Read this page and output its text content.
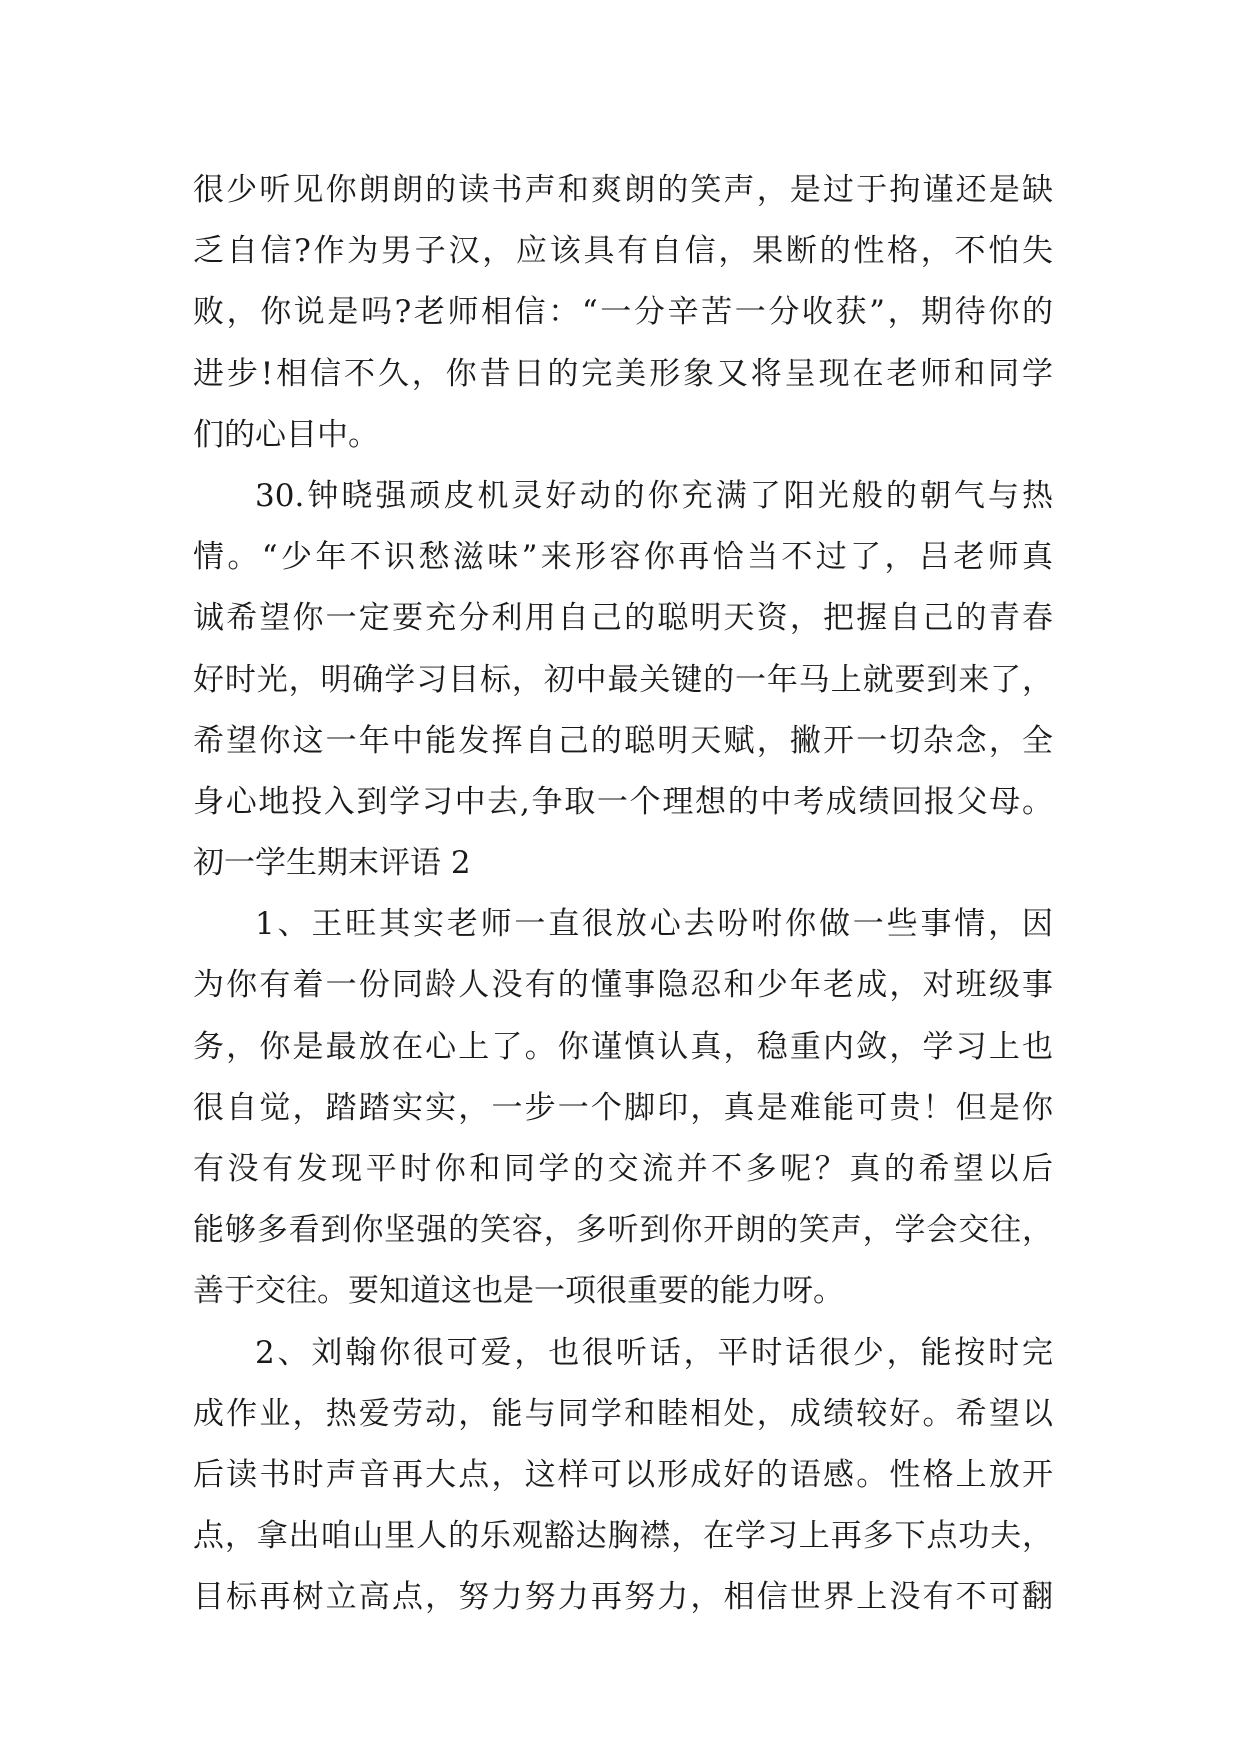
很少听见你朗朗的读书声和爽朗的笑声，是过于拘谨还是缺
乏自信?作为男子汉，应该具有自信，果断的性格，不怕失
败，你说是吗?老师相信：“一分辛苦一分收获”，期待你的
进步!相信不久，你昔日的完美形象又将呈现在老师和同学
们的心目中。
30.钟晓强顽皮机灵好动的你充满了阳光般的朝气与热
情。“少年不识愁滋味”来形容你再恰当不过了，吕老师真
诚希望你一定要充分利用自己的聪明天资，把握自己的青春
好时光，明确学习目标，初中最关键的一年马上就要到来了，
希望你这一年中能发挥自己的聪明天赋，撇开一切杂念，全
身心地投入到学习中去,争取一个理想的中考成绩回报父母。
初一学生期末评语 2
1、王旺其实老师一直很放心去吩咐你做一些事情，因
为你有着一份同龄人没有的懂事隐忍和少年老成，对班级事
务，你是最放在心上了。你谨慎认真，稳重内敛，学习上也
很自觉，踏踏实实，一步一个脚印，真是难能可贵！但是你
有没有发现平时你和同学的交流并不多呢？真的希望以后
能够多看到你坚强的笑容，多听到你开朗的笑声，学会交往，
善于交往。要知道这也是一项很重要的能力呀。
2、刘翰你很可爱，也很听话，平时话很少，能按时完
成作业，热爱劳动，能与同学和睦相处，成绩较好。希望以
后读书时声音再大点，这样可以形成好的语感。性格上放开
点，拿出咱山里人的乐观豁达胸襟，在学习上再多下点功夫，
目标再树立高点，努力努力再努力，相信世界上没有不可翻
